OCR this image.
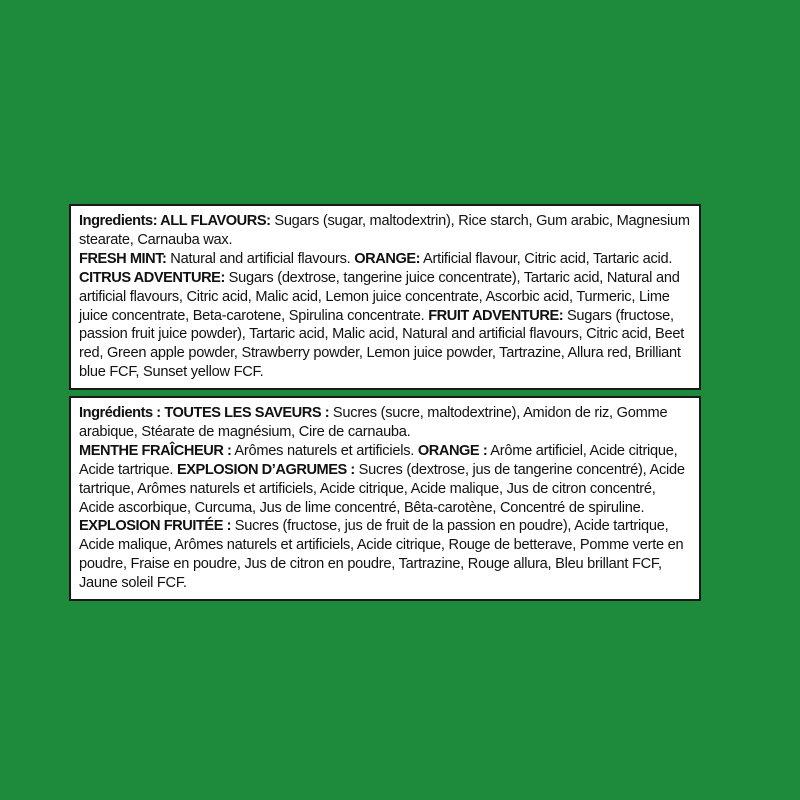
Ingredients: ALL FLAVOURS: Sugars (sugar, maltodextrin), Rice starch, Gum arabic, Magnesium stearate, Carnauba wax.
FRESH MINT: Natural and artificial flavours. ORANGE: Artificial flavour, Citric acid, Tartaric acid. CITRUS ADVENTURE: Sugars (dextrose, tangerine juice concentrate), Tartaric acid, Natural and artificial flavours, Citric acid, Malic acid, Lemon juice concentrate, Ascorbic acid, Turmeric, Lime juice concentrate, Beta-carotene, Spirulina concentrate. FRUIT ADVENTURE: Sugars (fructose, passion fruit juice powder), Tartaric acid, Malic acid, Natural and artificial flavours, Citric acid, Beet red, Green apple powder, Strawberry powder, Lemon juice powder, Tartrazine, Allura red, Brilliant blue FCF, Sunset yellow FCF.
Ingrédients : TOUTES LES SAVEURS : Sucres (sucre, maltodextrine), Amidon de riz, Gomme arabique, Stéarate de magnésium, Cire de carnauba.
MENTHE FRAÎCHEUR : Arômes naturels et artificiels. ORANGE : Arôme artificiel, Acide citrique, Acide tartrique. EXPLOSION D’AGRUMES : Sucres (dextrose, jus de tangerine concentré), Acide tartrique, Arômes naturels et artificiels, Acide citrique, Acide malique, Jus de citron concentré, Acide ascorbique, Curcuma, Jus de lime concentré, Bêta-carotène, Concentré de spiruline. EXPLOSION FRUITÉE : Sucres (fructose, jus de fruit de la passion en poudre), Acide tartrique, Acide malique, Arômes naturels et artificiels, Acide citrique, Rouge de betterave, Pomme verte en poudre, Fraise en poudre, Jus de citron en poudre, Tartrazine, Rouge allura, Bleu brillant FCF, Jaune soleil FCF.
